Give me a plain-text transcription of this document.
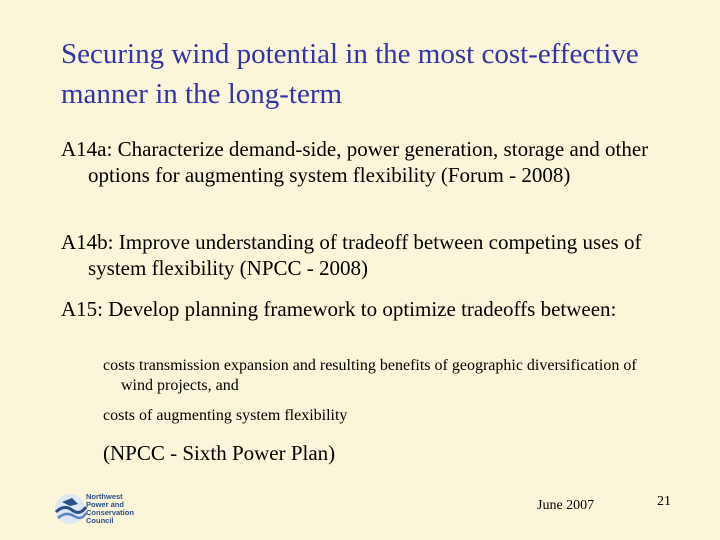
Securing wind potential in the most cost-effective manner in the long-term
A14a: Characterize demand-side, power generation, storage and other options for augmenting system flexibility (Forum - 2008)
A14b: Improve understanding of tradeoff between competing uses of system flexibility (NPCC - 2008)
A15: Develop planning framework to optimize tradeoffs between:
costs transmission expansion and resulting benefits of geographic diversification of wind projects, and
costs of augmenting system flexibility
(NPCC - Sixth Power Plan)
Northwest
Power and
Conservation
Council
June 2007	21
